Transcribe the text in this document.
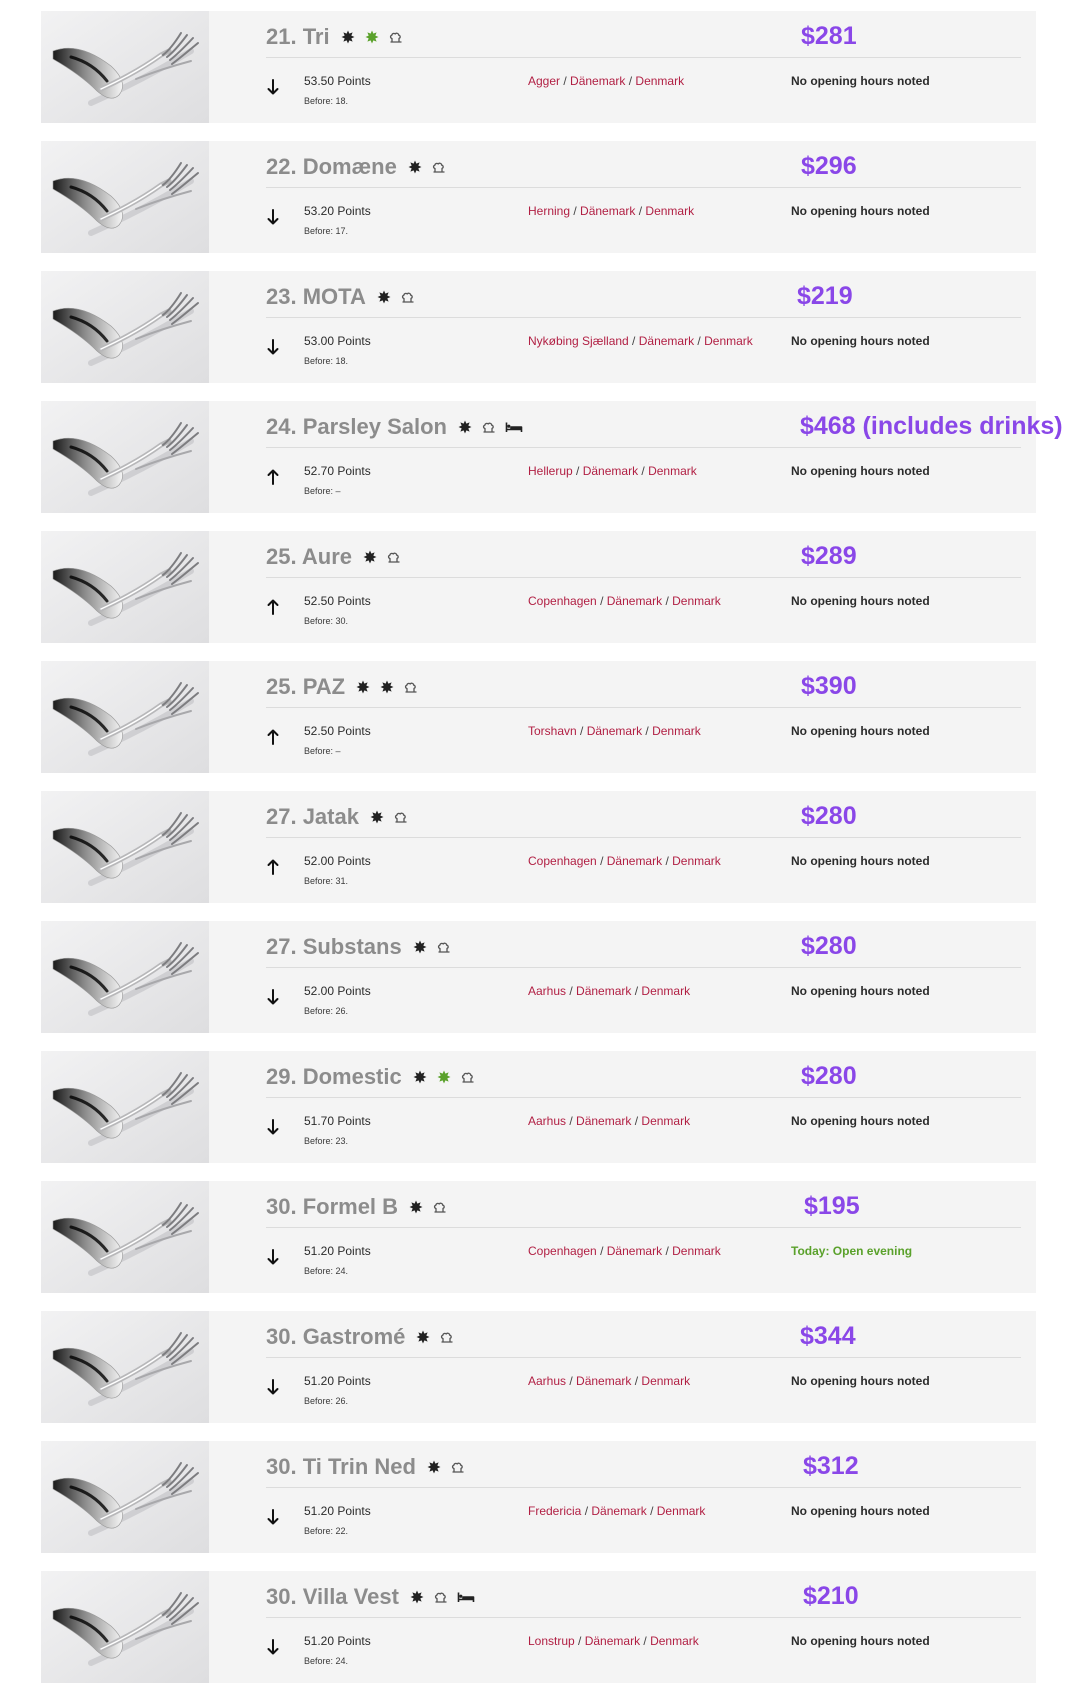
21. Tri	$281
53.50 Points
Before: 18.
Agger / Dänemark / Denmark	No opening hours noted
22. Domæne	$296
53.20 Points
Before: 17.
Herning / Dänemark / Denmark	No opening hours noted
23. MOTA	$219
53.00 Points
Before: 18.
Nykøbing Sjælland / Dänemark / Denmark	No opening hours noted
24. Parsley Salon	$468 (includes drinks)
52.70 Points
Before: –
Hellerup / Dänemark / Denmark	No opening hours noted
25. Aure	$289
52.50 Points
Before: 30.
Copenhagen / Dänemark / Denmark	No opening hours noted
25. PAZ	$390
52.50 Points
Before: –
Torshavn / Dänemark / Denmark	No opening hours noted
27. Jatak	$280
52.00 Points
Before: 31.
Copenhagen / Dänemark / Denmark	No opening hours noted
27. Substans	$280
52.00 Points
Before: 26.
Aarhus / Dänemark / Denmark	No opening hours noted
29. Domestic	$280
51.70 Points
Before: 23.
Aarhus / Dänemark / Denmark	No opening hours noted
30. Formel B	$195
51.20 Points
Before: 24.
Copenhagen / Dänemark / Denmark	Today: Open evening
30. Gastromé	$344
51.20 Points
Before: 26.
Aarhus / Dänemark / Denmark	No opening hours noted
30. Ti Trin Ned	$312
51.20 Points
Before: 22.
Fredericia / Dänemark / Denmark	No opening hours noted
30. Villa Vest	$210
51.20 Points
Before: 24.
Lonstrup / Dänemark / Denmark	No opening hours noted
